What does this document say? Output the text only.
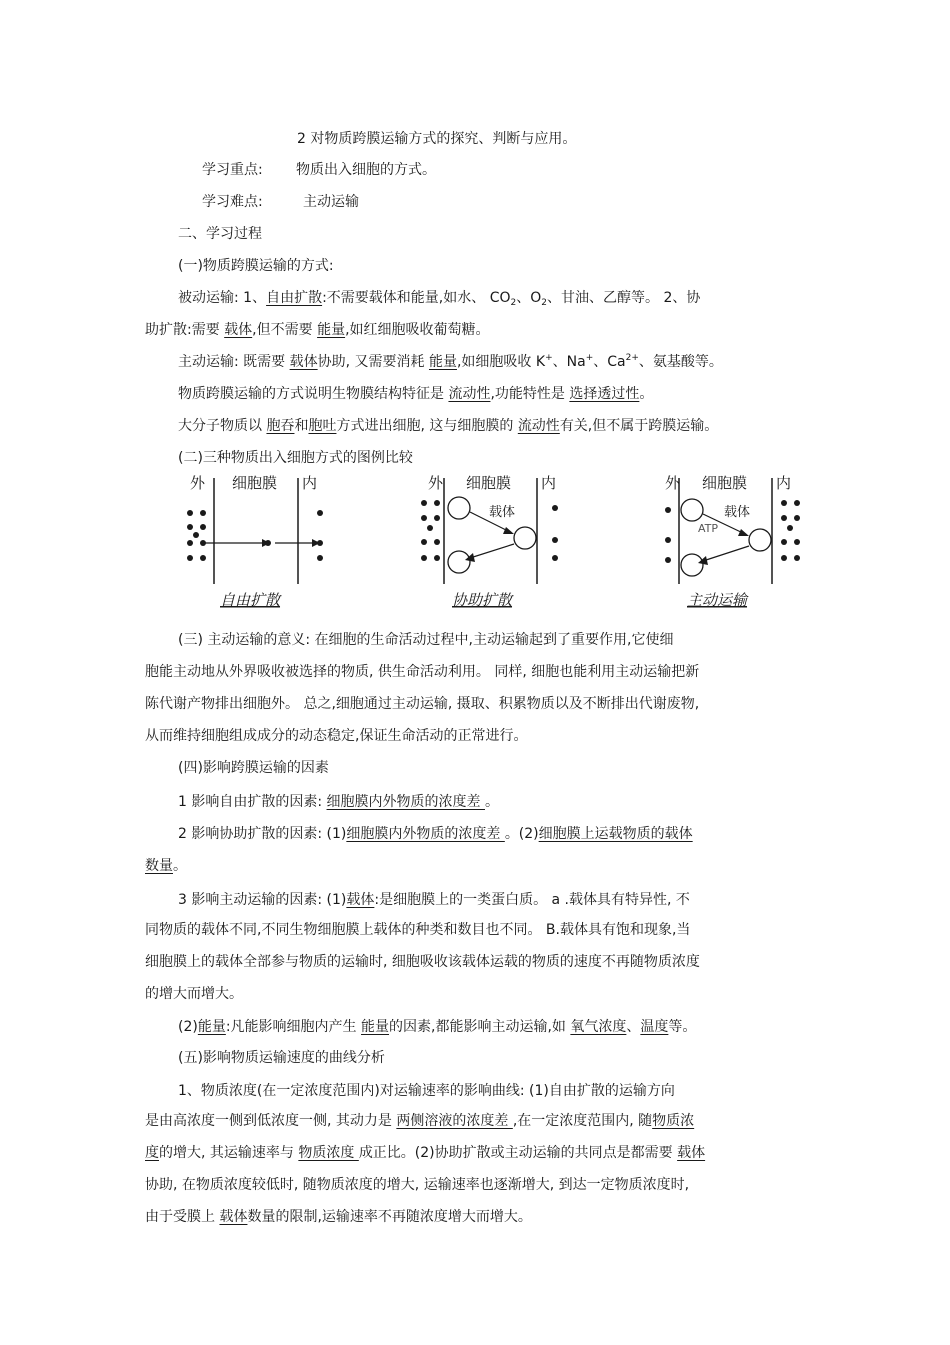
2 对物质跨膜运输方式的探究、判断与应用。
学习重点: 物质出入细胞的方式。
学习难点:	主动运输
二、学习过程
(一)物质跨膜运输的方式:
被动运输: 1、自由扩散:不需要载体和能量,如水、 $CO_2$、$O_2$、甘油、乙醇等。 2、协
助扩散:需要 载体,但不需要 能量,如红细胞吸收葡萄糖。
主动运输: 既需要 载体协助, 又需要消耗 能量,如细胞吸收 K+、Na+、$Ca^{2+}$、氨基酸等。
物质跨膜运输的方式说明生物膜结构特征是 流动性,功能特性是 选择透过性。
大分子物质以 胞吞和胞吐方式进出细胞, 这与细胞膜的 流动性有关,但不属于跨膜运输。
(二)三种物质出入细胞方式的图例比较
外 细胞膜 内
自由扩散
外 细胞膜 内
载体
协助扩散
外 细胞膜 内
载体
ATP
主动运输
(三) 主动运输的意义: 在细胞的生命活动过程中,主动运输起到了重要作用,它使细
胞能主动地从外界吸收被选择的物质, 供生命活动利用。 同样, 细胞也能利用主动运输把新
陈代谢产物排出细胞外。 总之,细胞通过主动运输, 摄取、积累物质以及不断排出代谢废物,
从而维持细胞组成成分的动态稳定,保证生命活动的正常进行。
(四)影响跨膜运输的因素
1 影响自由扩散的因素: 细胞膜内外物质的浓度差 。
2 影响协助扩散的因素: (1)细胞膜内外物质的浓度差 。(2)细胞膜上运载物质的载体
数量。
3 影响主动运输的因素: (1)载体:是细胞膜上的一类蛋白质。 a .载体具有特异性, 不
同物质的载体不同,不同生物细胞膜上载体的种类和数目也不同。 B.载体具有饱和现象,当
细胞膜上的载体全部参与物质的运输时, 细胞吸收该载体运载的物质的速度不再随物质浓度
的增大而增大。
(2)能量:凡能影响细胞内产生 能量的因素,都能影响主动运输,如 氧气浓度、温度等。
(五)影响物质运输速度的曲线分析
1、物质浓度(在一定浓度范围内)对运输速率的影响曲线: (1)自由扩散的运输方向
是由高浓度一侧到低浓度一侧, 其动力是 两侧溶液的浓度差 ,在一定浓度范围内, 随物质浓
度的增大, 其运输速率与 物质浓度 成正比。(2)协助扩散或主动运输的共同点是都需要 载体
协助, 在物质浓度较低时, 随物质浓度的增大, 运输速率也逐渐增大, 到达一定物质浓度时,
由于受膜上 载体数量的限制,运输速率不再随浓度增大而增大。
